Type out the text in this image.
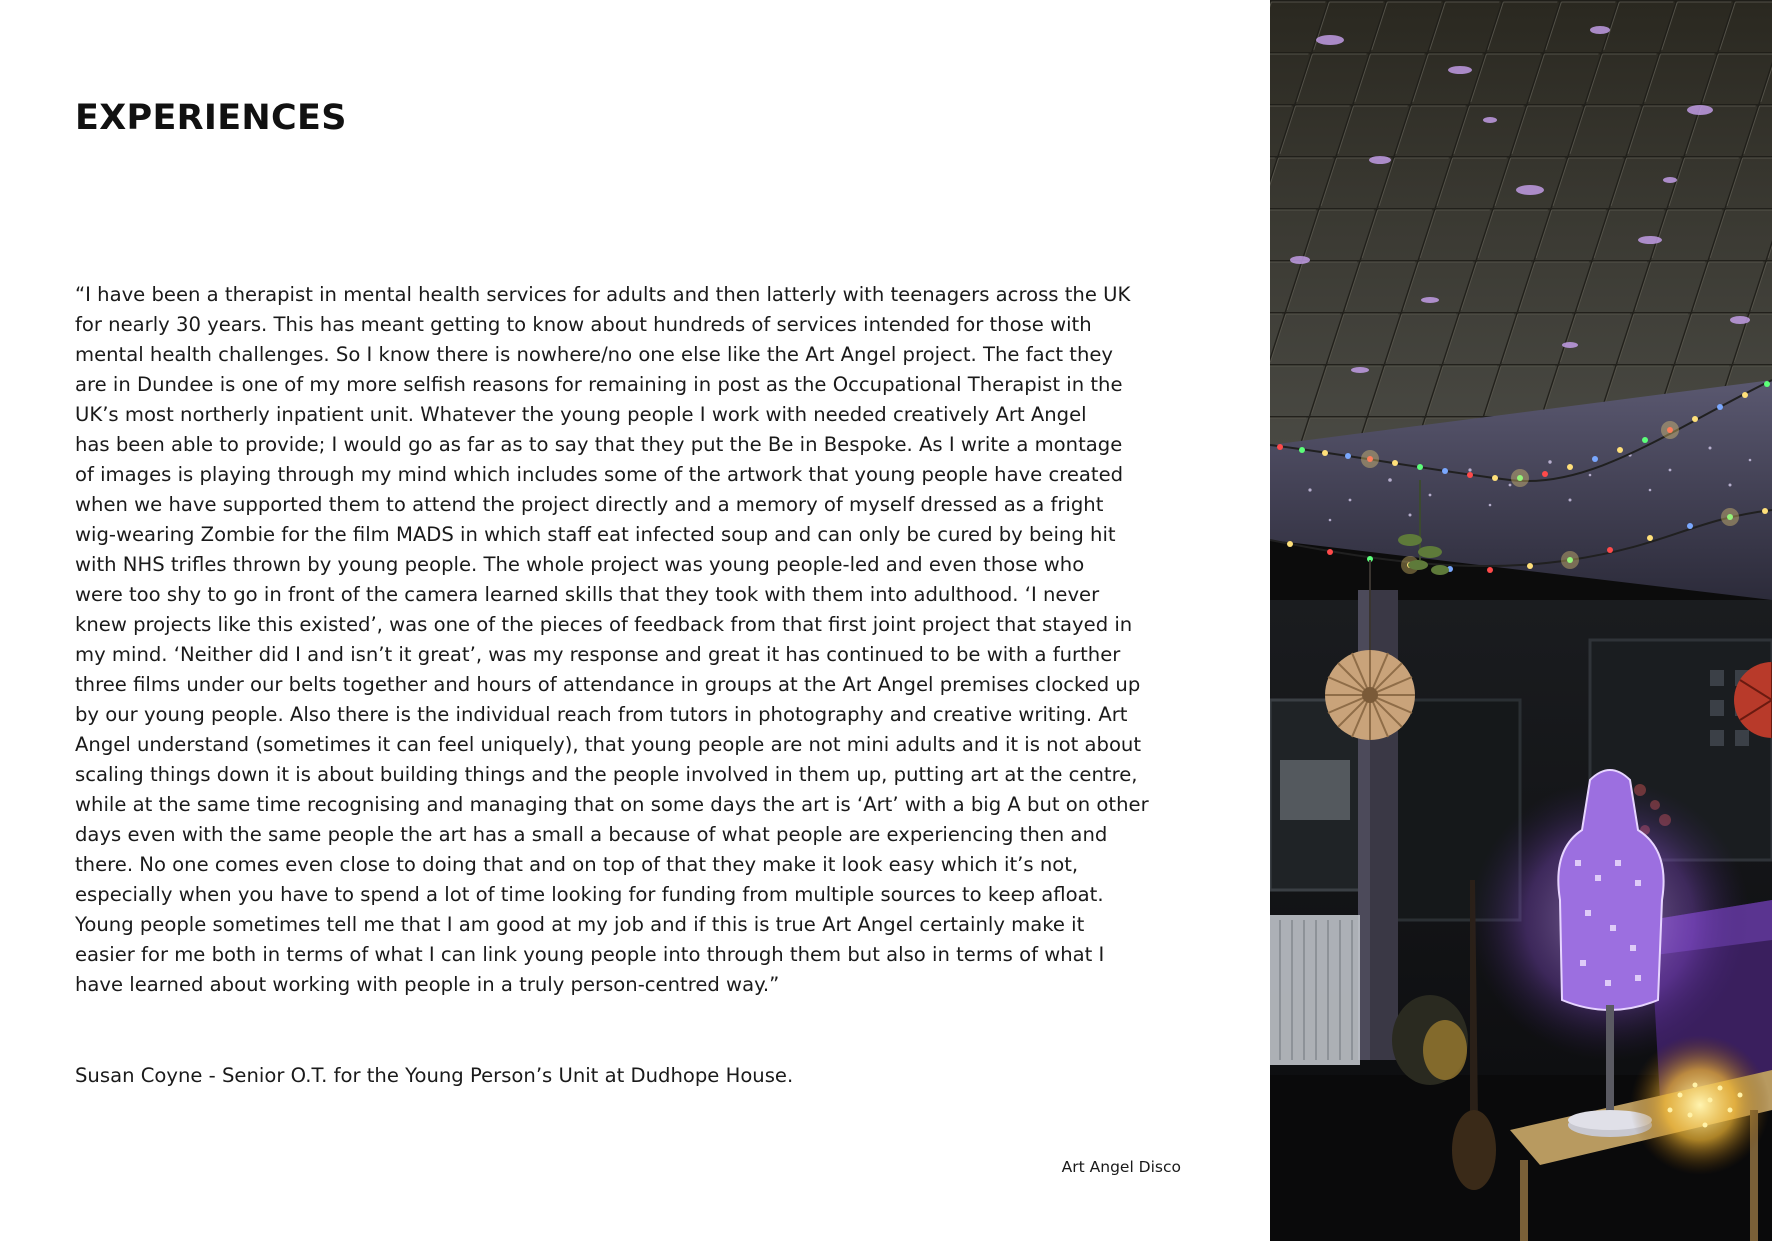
EXPERIENCES
“I have been a therapist in mental health services for adults and then latterly with teenagers across the UK
for nearly 30 years. This has meant getting to know about hundreds of services intended for those with
mental health challenges. So I know there is nowhere/no one else like the Art Angel project. The fact they
are in Dundee is one of my more selfish reasons for remaining in post as the Occupational Therapist in the
UK’s most northerly inpatient unit. Whatever the young people I work with needed creatively Art Angel
has been able to provide; I would go as far as to say that they put the Be in Bespoke. As I write a montage
of images is playing through my mind which includes some of the artwork that young people have created
when we have supported them to attend the project directly and a memory of myself dressed as a fright
wig-wearing Zombie for the film MADS in which staff eat infected soup and can only be cured by being hit
with NHS trifles thrown by young people. The whole project was young people-led and even those who
were too shy to go in front of the camera learned skills that they took with them into adulthood. ‘I never
knew projects like this existed’, was one of the pieces of feedback from that first joint project that stayed in
my mind. ‘Neither did I and isn’t it great’, was my response and great it has continued to be with a further
three films under our belts together and hours of attendance in groups at the Art Angel premises clocked up
by our young people. Also there is the individual reach from tutors in photography and creative writing. Art
Angel understand (sometimes it can feel uniquely), that young people are not mini adults and it is not about
scaling things down it is about building things and the people involved in them up, putting art at the centre,
while at the same time recognising and managing that on some days the art is ‘Art’ with a big A but on other
days even with the same people the art has a small a because of what people are experiencing then and
there. No one comes even close to doing that and on top of that they make it look easy which it’s not,
especially when you have to spend a lot of time looking for funding from multiple sources to keep afloat.
Young people sometimes tell me that I am good at my job and if this is true Art Angel certainly make it
easier for me both in terms of what I can link young people into through them but also in terms of what I
have learned about working with people in a truly person-centred way.”

Susan Coyne - Senior O.T. for the Young Person’s Unit at Dudhope House.

Art Angel Disco
